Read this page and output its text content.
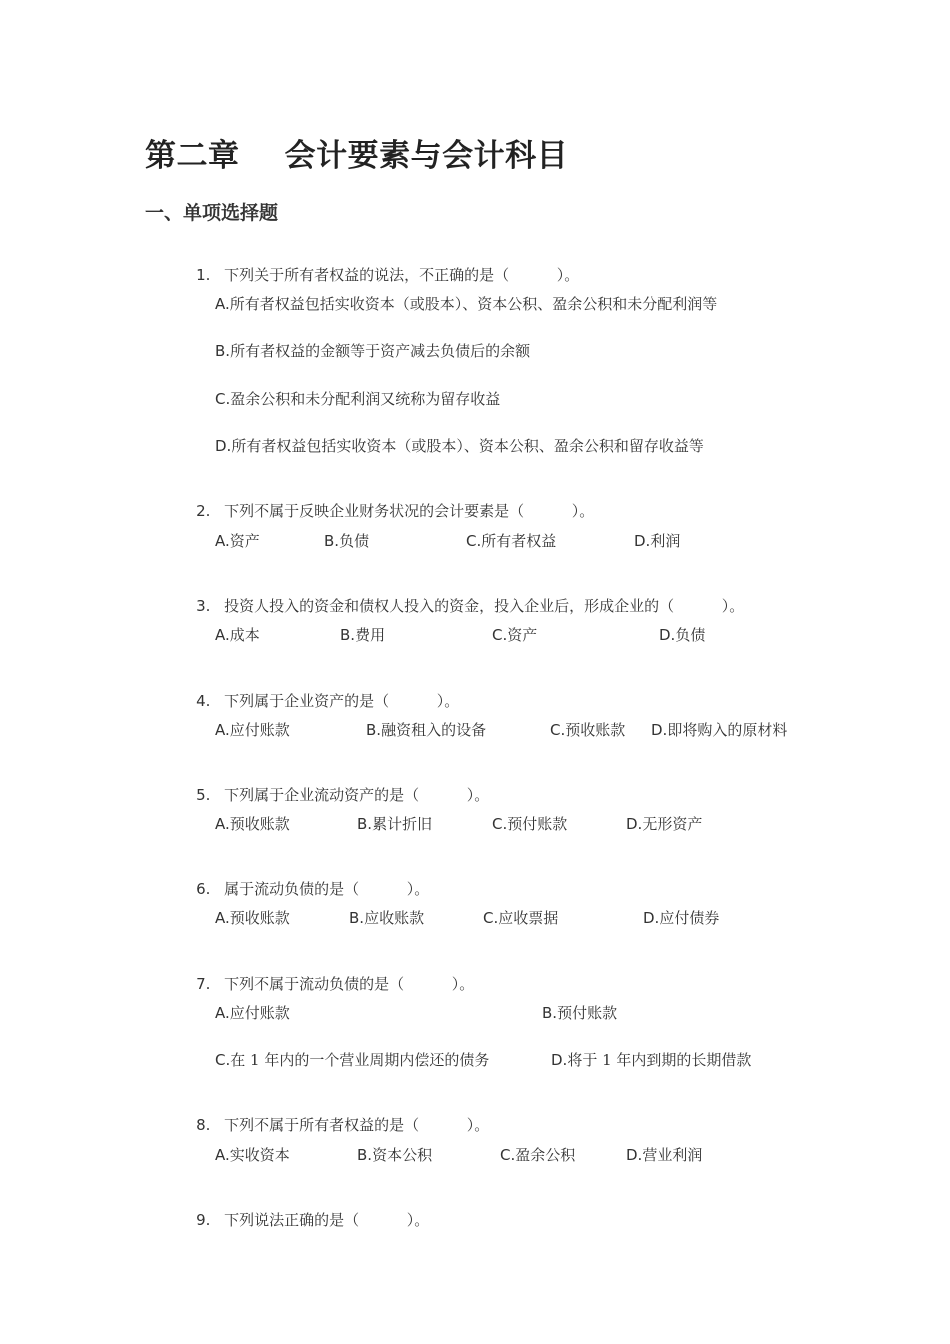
第二章    会计要素与会计科目
一、单项选择题

1. 下列关于所有者权益的说法，不正确的是（          ）。

A.所有者权益包括实收资本（或股本）、资本公积、盈余公积和未分配利润等
B.所有者权益的金额等于资产减去负债后的余额
C.盈余公积和未分配利润又统称为留存收益
D.所有者权益包括实收资本（或股本）、资本公积、盈余公积和留存收益等

2. 下列不属于反映企业财务状况的会计要素是（          ）。

A.资产	B.负债	C.所有者权益	D.利润

3. 投资人投入的资金和债权人投入的资金，投入企业后，形成企业的（          ）。

A.成本	B.费用	C.资产	D.负债

4. 下列属于企业资产的是（          ）。

A.应付账款	B.融资租入的设备	C.预收账款 D.即将购入的原材料

5. 下列属于企业流动资产的是（          ）。

A.预收账款	B.累计折旧	C.预付账款	D.无形资产

6. 属于流动负债的是（          ）。

A.预收账款	B.应收账款	C.应收票据	D.应付债券

7. 下列不属于流动负债的是（          ）。

A.应付账款	B.预付账款
C.在 1 年内的一个营业周期内偿还的债务	D.将于 1 年内到期的长期借款

8. 下列不属于所有者权益的是（          ）。

A.实收资本	B.资本公积	C.盈余公积	D.营业利润

9. 下列说法正确的是（          ）。
